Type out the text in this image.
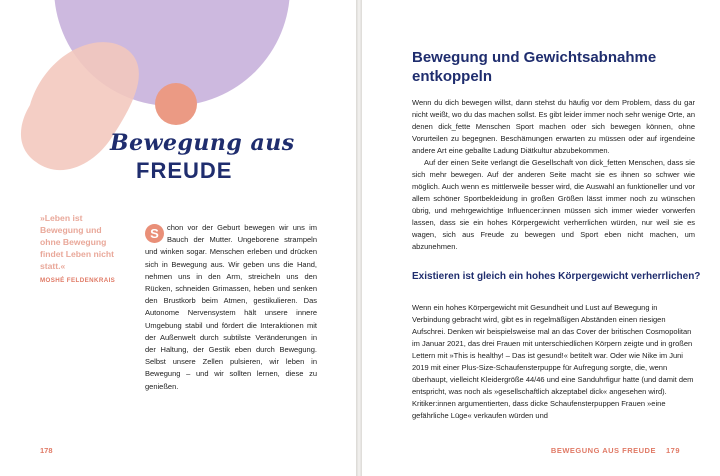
Bewegung aus
FREUDE

»Leben ist Bewegung und ohne Bewegung findet Leben nicht statt.«

MOSHÉ FELDENKRAIS

S	chon vor der Geburt bewegen wir uns im Bauch der Mutter. Ungeborene strampeln und winken sogar. Menschen erleben und drücken sich in Bewegung aus. Wir geben uns die Hand, nehmen uns in den Arm, streicheln uns den Rücken, schneiden Grimassen, heben und senken den Brustkorb beim Atmen, gestikulieren. Das Autonome Nervensystem hält unsere innere Umgebung stabil und fördert die Interaktionen mit der Außenwelt durch subtilste Veränderungen in der Haltung, der Gestik eben durch Bewegung. Selbst unsere Zellen pulsieren, wir leben in Bewegung – und wir sollten lernen, diese zu genießen.

178
Bewegung und Gewichtsabnahme entkoppeln

Wenn du dich bewegen willst, dann stehst du häufig vor dem Problem, dass du gar nicht weißt, wo du das machen sollst. Es gibt leider immer noch sehr wenige Orte, an denen dick_fette Menschen Sport machen oder sich bewegen können, ohne Vorurteilen zu begegnen. Beschämungen erwarten zu müssen oder auf irgendeine andere Art eine geballte Ladung Diätkultur abzubekommen.

Auf der einen Seite verlangt die Gesellschaft von dick_fetten Menschen, dass sie sich mehr bewegen. Auf der anderen Seite macht sie es ihnen so schwer wie möglich. Auch wenn es mittlerweile besser wird, die Auswahl an funktioneller und vor allem schöner Sportbekleidung in großen Größen lässt immer noch zu wünschen übrig, und mehrgewichtige Influencer:innen müssen sich immer wieder vorwerfen lassen, dass sie ein hohes Körpergewicht verherrlichen würden, nur weil sie es wagen, sich aus Freude zu bewegen und Sport eben nicht machen, um abzunehmen.

Existieren ist gleich ein hohes Körpergewicht verherrlichen?

Wenn ein hohes Körpergewicht mit Gesundheit und Lust auf Bewegung in Verbindung gebracht wird, gibt es in regelmäßigen Abständen einen riesigen Aufschrei. Denken wir beispielsweise mal an das Cover der britischen Cosmopolitan im Januar 2021, das drei Frauen mit unterschiedlichen Körpern zeigte und in großen Lettern mit »This is healthy! – Das ist gesund!« betitelt war. Oder wie Nike im Juni 2019 mit einer Plus-Size-Schaufensterpuppe für Aufregung sorgte, die, wenn überhaupt, vielleicht Kleidergröße 44/46 und eine Sanduhrfigur hatte (und damit dem entspricht, was noch als »gesellschaftlich akzeptabel dick« angesehen wird). Kritiker:innen argumentierten, dass dicke Schaufensterpuppen Frauen »eine gefährliche Lüge« verkaufen würden und

BEWEGUNG AUS FREUDE 179
